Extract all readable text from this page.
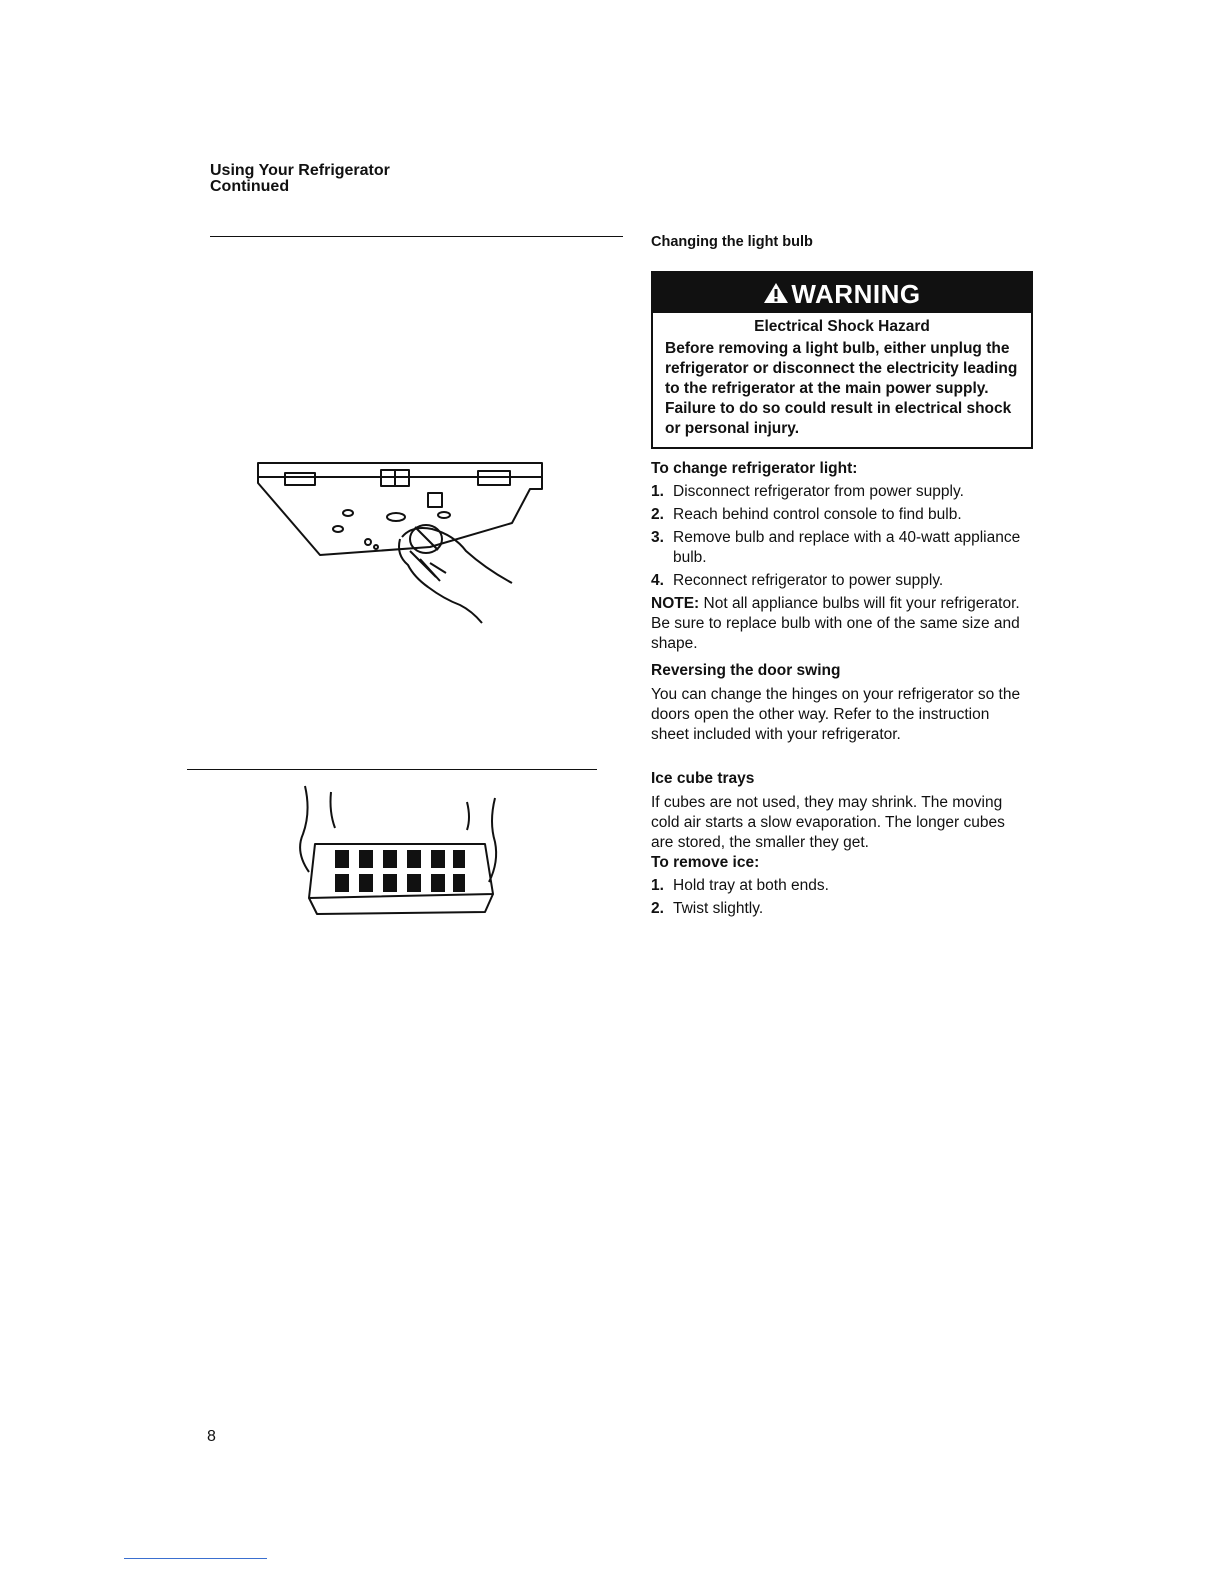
Using Your Refrigerator
Continued
Changing the light bulb
WARNING
Electrical Shock Hazard
Before removing a light bulb, either unplug the refrigerator or disconnect the electricity leading to the refrigerator at the main power supply. Failure to do so could result in electrical shock or personal injury.
To change refrigerator light:
1. Disconnect refrigerator from power supply.
2. Reach behind control console to find bulb.
3. Remove bulb and replace with a 40-watt appliance bulb.
4. Reconnect refrigerator to power supply.

NOTE: Not all appliance bulbs will fit your refrigerator. Be sure to replace bulb with one of the same size and shape.

Reversing the door swing

You can change the hinges on your refrigerator so the doors open the other way. Refer to the instruction sheet included with your refrigerator.

Ice cube trays

If cubes are not used, they may shrink. The moving cold air starts a slow evaporation. The longer cubes are stored, the smaller they get.

To remove ice:
1. Hold tray at both ends.
2. Twist slightly.
8
